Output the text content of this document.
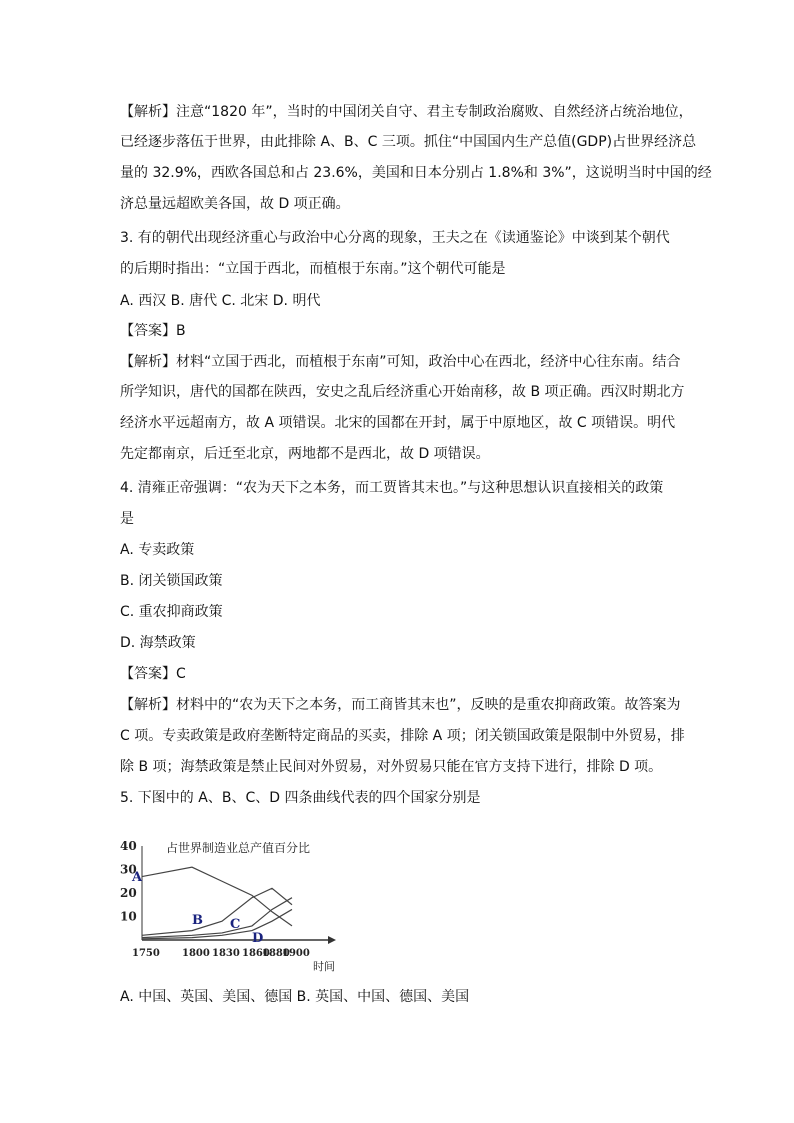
【解析】注意“1820 年”，当时的中国闭关自守、君主专制政治腐败、自然经济占统治地位，
已经逐步落伍于世界，由此排除 A、B、C 三项。抓住“中国国内生产总值(GDP)占世界经济总
量的 32.9%，西欧各国总和占 23.6%，美国和日本分别占 1.8%和 3%”，这说明当时中国的经
济总量远超欧美各国，故 D 项正确。
3. 有的朝代出现经济重心与政治中心分离的现象，王夫之在《读通鉴论》中谈到某个朝代
的后期时指出：“立国于西北，而植根于东南。”这个朝代可能是
A. 西汉 B. 唐代 C. 北宋 D. 明代
【答案】B
【解析】材料“立国于西北，而植根于东南”可知，政治中心在西北，经济中心往东南。结合
所学知识，唐代的国都在陕西，安史之乱后经济重心开始南移，故 B 项正确。西汉时期北方
经济水平远超南方，故 A 项错误。北宋的国都在开封，属于中原地区，故 C 项错误。明代
先定都南京，后迁至北京，两地都不是西北，故 D 项错误。
4. 清雍正帝强调：“农为天下之本务，而工贾皆其末也。”与这种思想认识直接相关的政策
是
A. 专卖政策
B. 闭关锁国政策
C. 重农抑商政策
D. 海禁政策
【答案】C
【解析】材料中的“农为天下之本务，而工商皆其末也”，反映的是重农抑商政策。故答案为
C 项。专卖政策是政府垄断特定商品的买卖，排除 A 项；闭关锁国政策是限制中外贸易，排
除 B 项；海禁政策是禁止民间对外贸易，对外贸易只能在官方支持下进行，排除 D 项。
5. 下图中的 A、B、C、D 四条曲线代表的四个国家分别是
占世界制造业总产值百分比
40
30
20
10
1750 1800 1830 1860
1880
1900
时间
A
B C
D
A. 中国、英国、美国、德国 B. 英国、中国、德国、美国
